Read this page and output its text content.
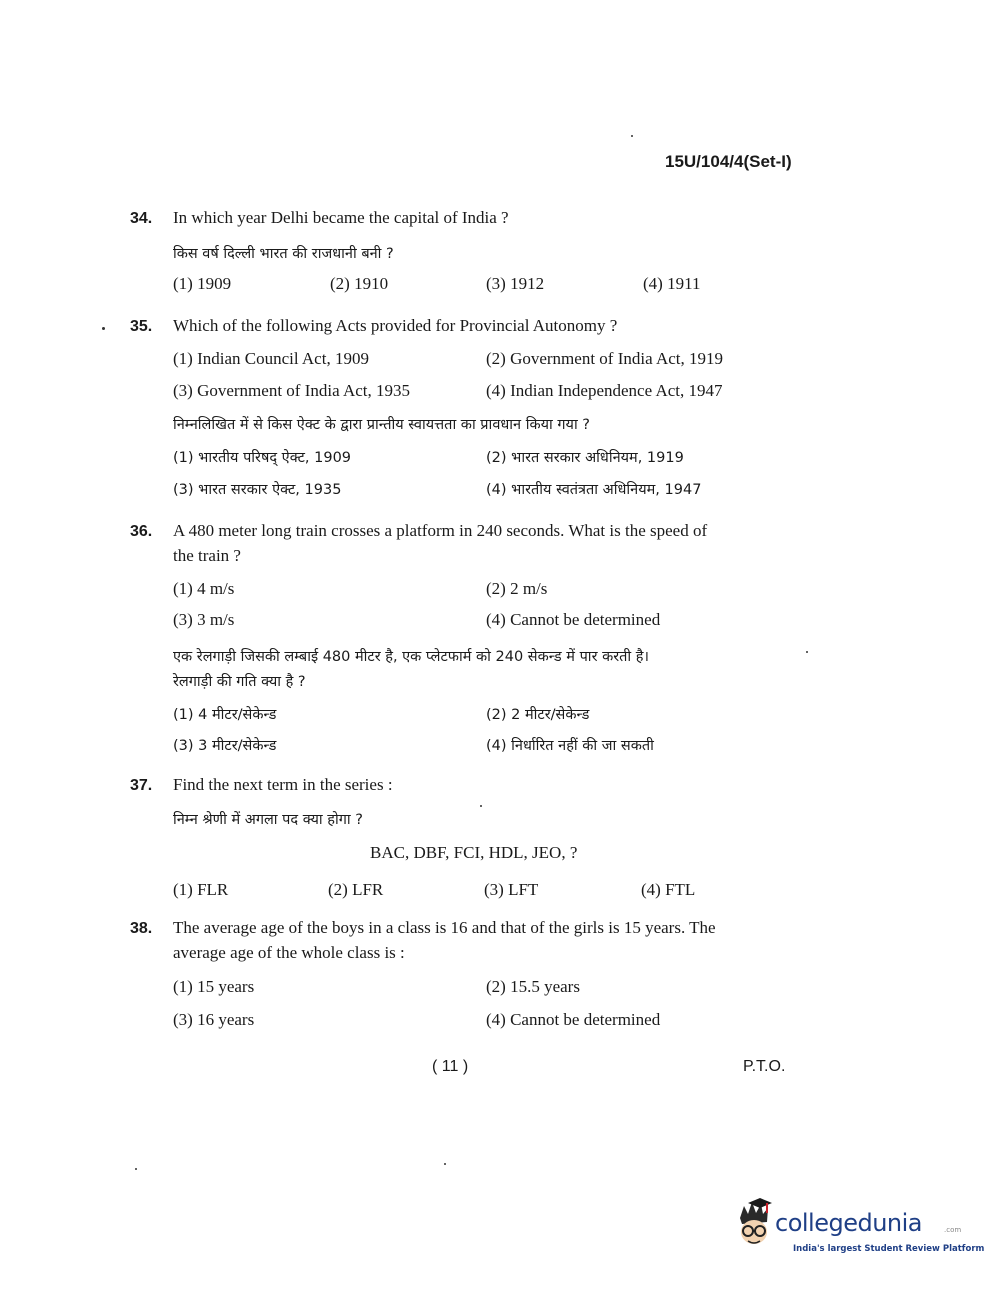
15U/104/4(Set-I)
34. In which year Delhi became the capital of India ?
किस वर्ष दिल्ली भारत की राजधानी बनी ?
(1) 1909	(2) 1910	(3) 1912	(4) 1911
35. Which of the following Acts provided for Provincial Autonomy ?
(1) Indian Council Act, 1909	(2) Government of India Act, 1919
(3) Government of India Act, 1935	(4) Indian Independence Act, 1947
निम्नलिखित में से किस ऐक्ट के द्वारा प्रान्तीय स्वायत्तता का प्रावधान किया गया ?
(1) भारतीय परिषद् ऐक्ट, 1909	(2) भारत सरकार अधिनियम, 1919
(3) भारत सरकार ऐक्ट, 1935	(4) भारतीय स्वतंत्रता अधिनियम, 1947
36. A 480 meter long train crosses a platform in 240 seconds. What is the speed of
the train ?
(1) 4 m/s	(2) 2 m/s
(3) 3 m/s	(4) Cannot be determined
एक रेलगाड़ी जिसकी लम्बाई 480 मीटर है, एक प्लेटफार्म को 240 सेकन्ड में पार करती है।
रेलगाड़ी की गति क्या है ?
(1) 4 मीटर/सेकेन्ड	(2) 2 मीटर/सेकेन्ड
(3) 3 मीटर/सेकेन्ड	(4) निर्धारित नहीं की जा सकती
37. Find the next term in the series :
निम्न श्रेणी में अगला पद क्या होगा ?
BAC, DBF, FCI, HDL, JEO, ?
(1) FLR	(2) LFR	(3) LFT	(4) FTL
38. The average age of the boys in a class is 16 and that of the girls is 15 years. The
average age of the whole class is :
(1) 15 years	(2) 15.5 years
(3) 16 years	(4) Cannot be determined
( 11 )	P.T.O.
collegedunia	.com
India's largest Student Review Platform
